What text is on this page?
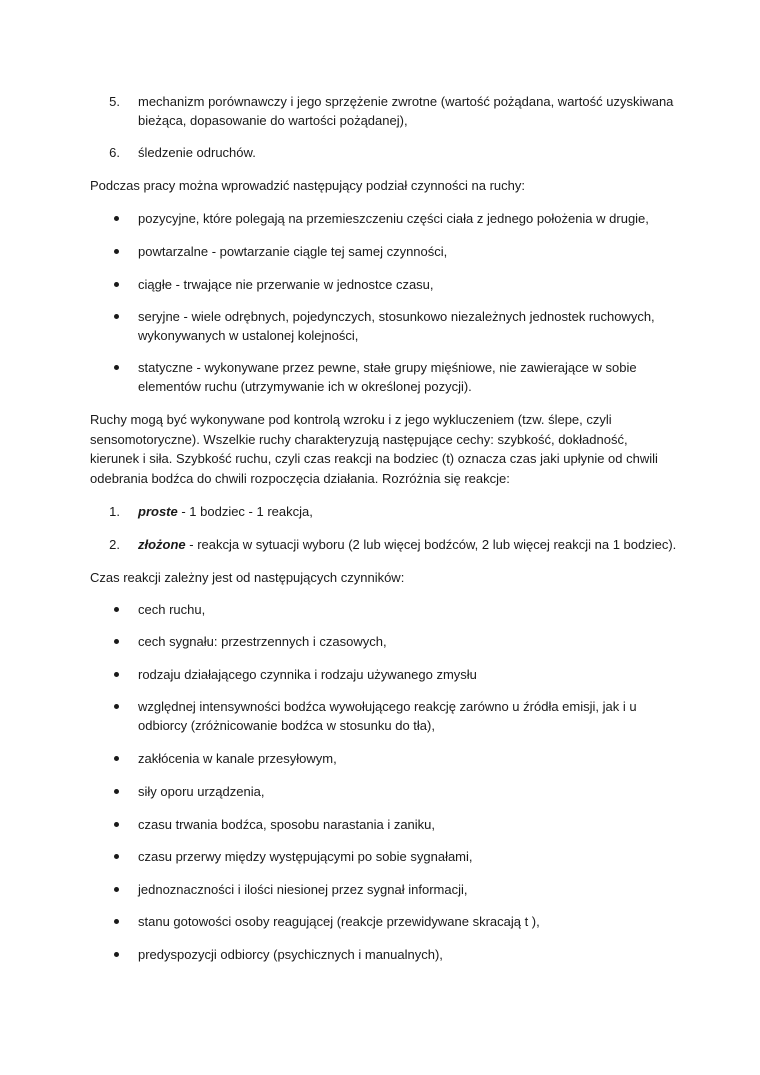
5. mechanizm porównawczy i jego sprzężenie zwrotne (wartość pożądana, wartość uzyskiwana bieżąca, dopasowanie do wartości pożądanej),
6. śledzenie odruchów.
Podczas pracy można wprowadzić następujący podział czynności na ruchy:
pozycyjne, które polegają na przemieszczeniu części ciała z jednego położenia w drugie,
powtarzalne - powtarzanie ciągle tej samej czynności,
ciągłe - trwające nie przerwanie w jednostce czasu,
seryjne - wiele odrębnych, pojedynczych, stosunkowo niezależnych jednostek ruchowych, wykonywanych w ustalonej kolejności,
statyczne - wykonywane przez pewne, stałe grupy mięśniowe, nie zawierające w sobie elementów ruchu (utrzymywanie ich w określonej pozycji).
Ruchy mogą być wykonywane pod kontrolą wzroku i z jego wykluczeniem (tzw. ślepe, czyli sensomotoryczne). Wszelkie ruchy charakteryzują następujące cechy: szybkość, dokładność, kierunek i siła. Szybkość ruchu, czyli czas reakcji na bodziec (t) oznacza czas jaki upłynie od chwili odebrania bodźca do chwili rozpoczęcia działania. Rozróżnia się reakcje:
1. proste - 1 bodziec - 1 reakcja,
2. złożone - reakcja w sytuacji wyboru (2 lub więcej bodźców, 2 lub więcej reakcji na 1 bodziec).
Czas reakcji zależny jest od następujących czynników:
cech ruchu,
cech sygnału: przestrzennych i czasowych,
rodzaju działającego czynnika i rodzaju używanego zmysłu
względnej intensywności bodźca wywołującego reakcję zarówno u źródła emisji, jak i u odbiorcy (zróżnicowanie bodźca w stosunku do tła),
zakłócenia w kanale przesyłowym,
siły oporu urządzenia,
czasu trwania bodźca, sposobu narastania i zaniku,
czasu przerwy między występującymi po sobie sygnałami,
jednoznaczności i ilości niesionej przez sygnał informacji,
stanu gotowości osoby reagującej (reakcje przewidywane skracają t ),
predyspozycji odbiorcy (psychicznych i manualnych),
